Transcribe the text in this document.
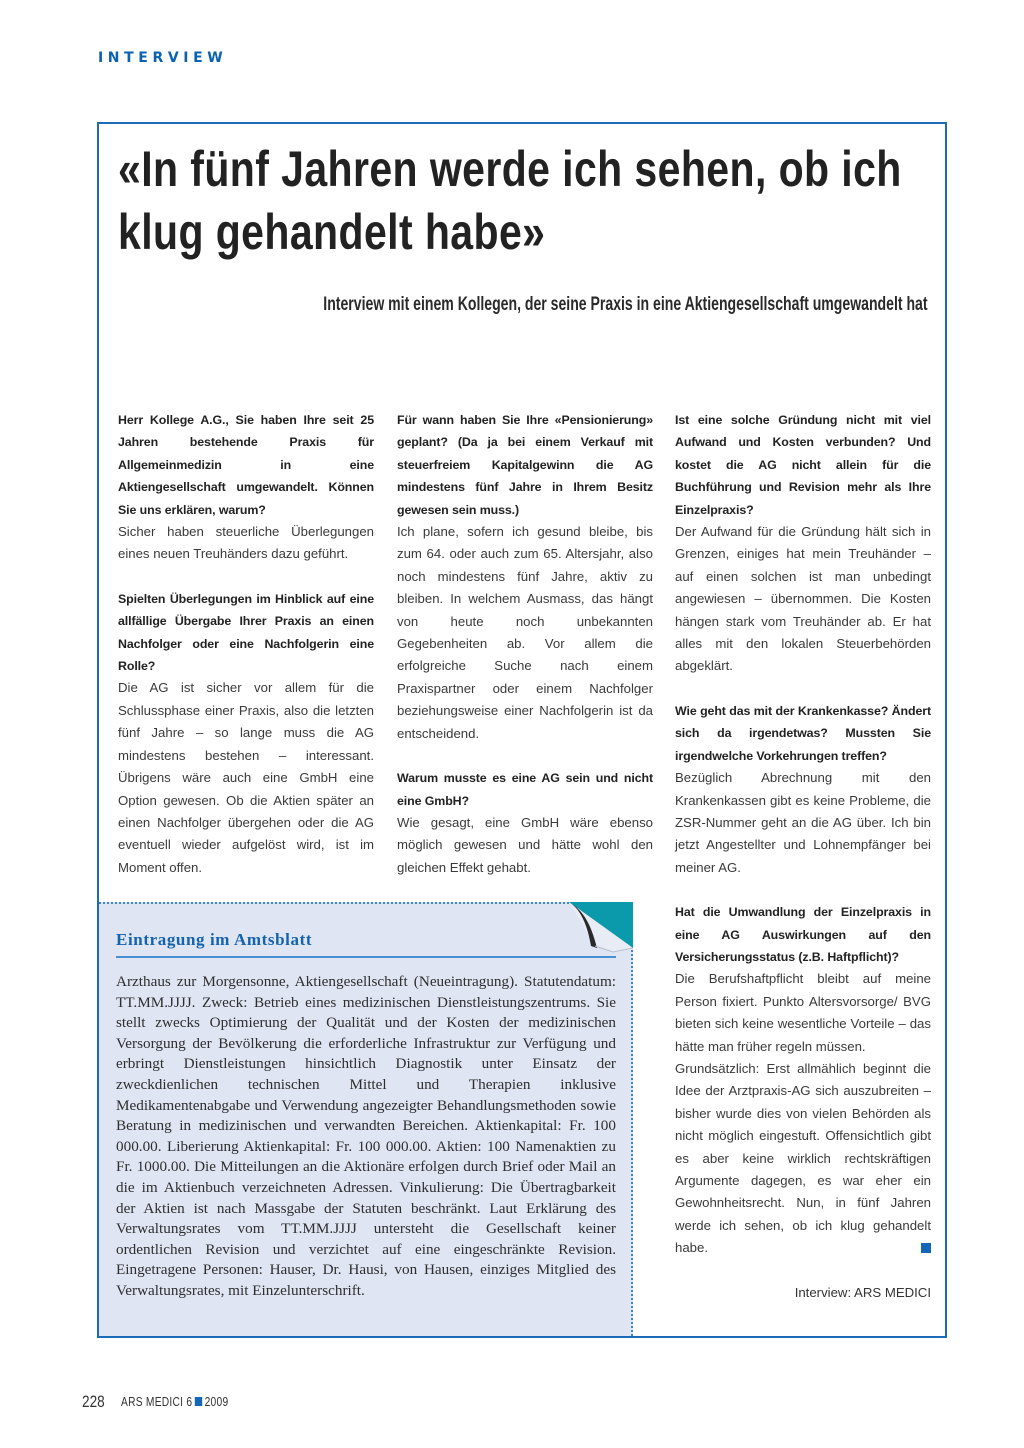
INTERVIEW
«In fünf Jahren werde ich sehen, ob ich
klug gehandelt habe»
Interview mit einem Kollegen, der seine Praxis in eine Aktiengesellschaft umgewandelt hat
Herr Kollege A.G., Sie haben Ihre seit 25 Jahren bestehende Praxis für Allgemeinmedizin in eine Aktiengesellschaft umgewandelt. Können Sie uns erklären, warum?
Sicher haben steuerliche Überlegungen eines neuen Treuhänders dazu geführt.
Spielten Überlegungen im Hinblick auf eine allfällige Übergabe Ihrer Praxis an einen Nachfolger oder eine Nachfolgerin eine Rolle?
Die AG ist sicher vor allem für die Schlussphase einer Praxis, also die letzten fünf Jahre – so lange muss die AG mindestens bestehen – interessant. Übrigens wäre auch eine GmbH eine Option gewesen. Ob die Aktien später an einen Nachfolger übergehen oder die AG eventuell wieder aufgelöst wird, ist im Moment offen.
Für wann haben Sie Ihre «Pensionierung» geplant? (Da ja bei einem Verkauf mit steuerfreiem Kapitalgewinn die AG mindestens fünf Jahre in Ihrem Besitz gewesen sein muss.)
Ich plane, sofern ich gesund bleibe, bis zum 64. oder auch zum 65. Altersjahr, also noch mindestens fünf Jahre, aktiv zu bleiben. In welchem Ausmass, das hängt von heute noch unbekannten Gegebenheiten ab. Vor allem die erfolgreiche Suche nach einem Praxispartner oder einem Nachfolger beziehungsweise einer Nachfolgerin ist da entscheidend.
Warum musste es eine AG sein und nicht eine GmbH?
Wie gesagt, eine GmbH wäre ebenso möglich gewesen und hätte wohl den gleichen Effekt gehabt.
Ist eine solche Gründung nicht mit viel Aufwand und Kosten verbunden? Und kostet die AG nicht allein für die Buchführung und Revision mehr als Ihre Einzelpraxis?
Der Aufwand für die Gründung hält sich in Grenzen, einiges hat mein Treuhänder – auf einen solchen ist man unbedingt angewiesen – übernommen. Die Kosten hängen stark vom Treuhänder ab. Er hat alles mit den lokalen Steuerbehörden abgeklärt.
Wie geht das mit der Krankenkasse? Ändert sich da irgendetwas? Mussten Sie irgendwelche Vorkehrungen treffen?
Bezüglich Abrechnung mit den Krankenkassen gibt es keine Probleme, die ZSR-Nummer geht an die AG über. Ich bin jetzt Angestellter und Lohnempfänger bei meiner AG.
Hat die Umwandlung der Einzelpraxis in eine AG Auswirkungen auf den Versicherungsstatus (z.B. Haftpflicht)?
Die Berufshaftpflicht bleibt auf meine Person fixiert. Punkto Altersvorsorge/ BVG bieten sich keine wesentliche Vorteile – das hätte man früher regeln müssen.
Grundsätzlich: Erst allmählich beginnt die Idee der Arztpraxis-AG sich auszubreiten – bisher wurde dies von vielen Behörden als nicht möglich eingestuft. Offensichtlich gibt es aber keine wirklich rechtskräftigen Argumente dagegen, es war eher ein Gewohnheitsrecht. Nun, in fünf Jahren werde ich sehen, ob ich klug gehandelt habe.
Interview: ARS MEDICI
Eintragung im Amtsblatt
Arzthaus zur Morgensonne, Aktiengesellschaft (Neueintragung). Statutendatum: TT.MM.JJJJ. Zweck: Betrieb eines medizinischen Dienstleistungszentrums. Sie stellt zwecks Optimierung der Qualität und der Kosten der medizinischen Versorgung der Bevölkerung die erforderliche Infrastruktur zur Verfügung und erbringt Dienstleistungen hinsichtlich Diagnostik unter Einsatz der zweckdienlichen technischen Mittel und Therapien inklusive Medikamentenabgabe und Verwendung angezeigter Behandlungsmethoden sowie Beratung in medizinischen und verwandten Bereichen. Aktienkapital: Fr. 100 000.00. Liberierung Aktienkapital: Fr. 100 000.00. Aktien: 100 Namenaktien zu Fr. 1000.00. Die Mitteilungen an die Aktionäre erfolgen durch Brief oder Mail an die im Aktienbuch verzeichneten Adressen. Vinkulierung: Die Übertragbarkeit der Aktien ist nach Massgabe der Statuten beschränkt. Laut Erklärung des Verwaltungsrates vom TT.MM.JJJJ untersteht die Gesellschaft keiner ordentlichen Revision und verzichtet auf eine eingeschränkte Revision. Eingetragene Personen: Hauser, Dr. Hausi, von Hausen, einziges Mitglied des Verwaltungsrates, mit Einzelunterschrift.
228 ARS MEDICI 6 2009
